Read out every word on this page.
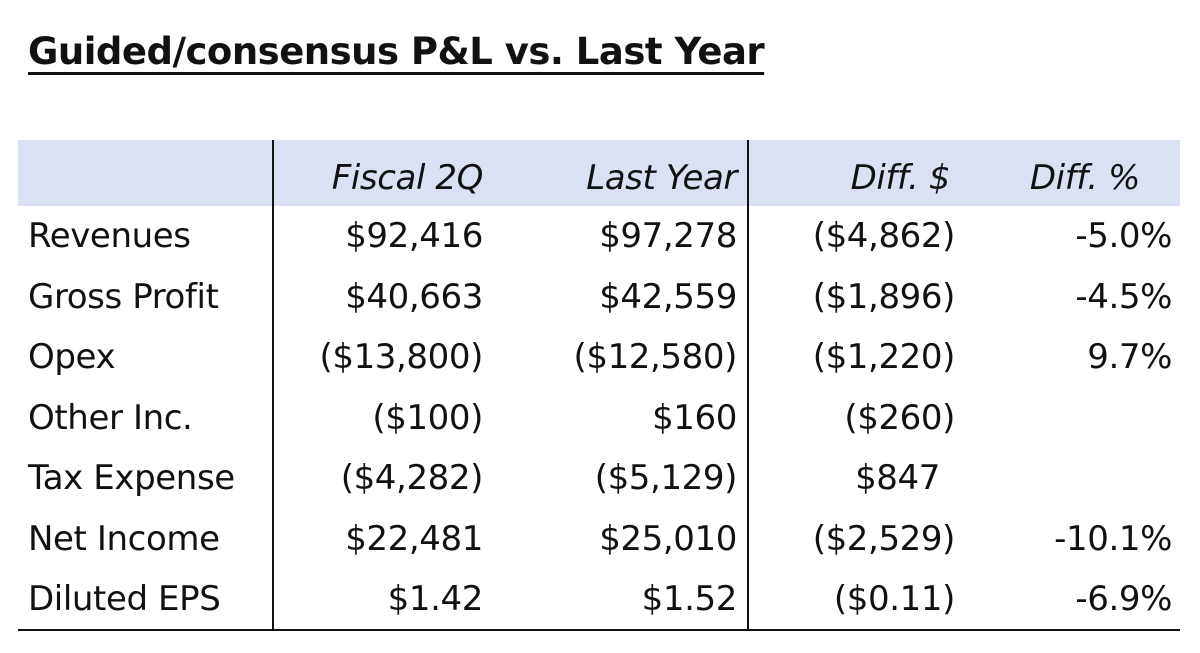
Guided/consensus P&L vs. Last Year
	Fiscal 2Q	Last Year	Diff. $	Diff. %
Revenues	$92,416	$97,278	($4,862)	-5.0%
Gross Profit	$40,663	$42,559	($1,896)	-4.5%
Opex	($13,800)	($12,580)	($1,220)	9.7%
Other Inc.	($100)	$160	($260)	
Tax Expense	($4,282)	($5,129)	$847	
Net Income	$22,481	$25,010	($2,529)	-10.1%
Diluted EPS	$1.42	$1.52	($0.11)	-6.9%
